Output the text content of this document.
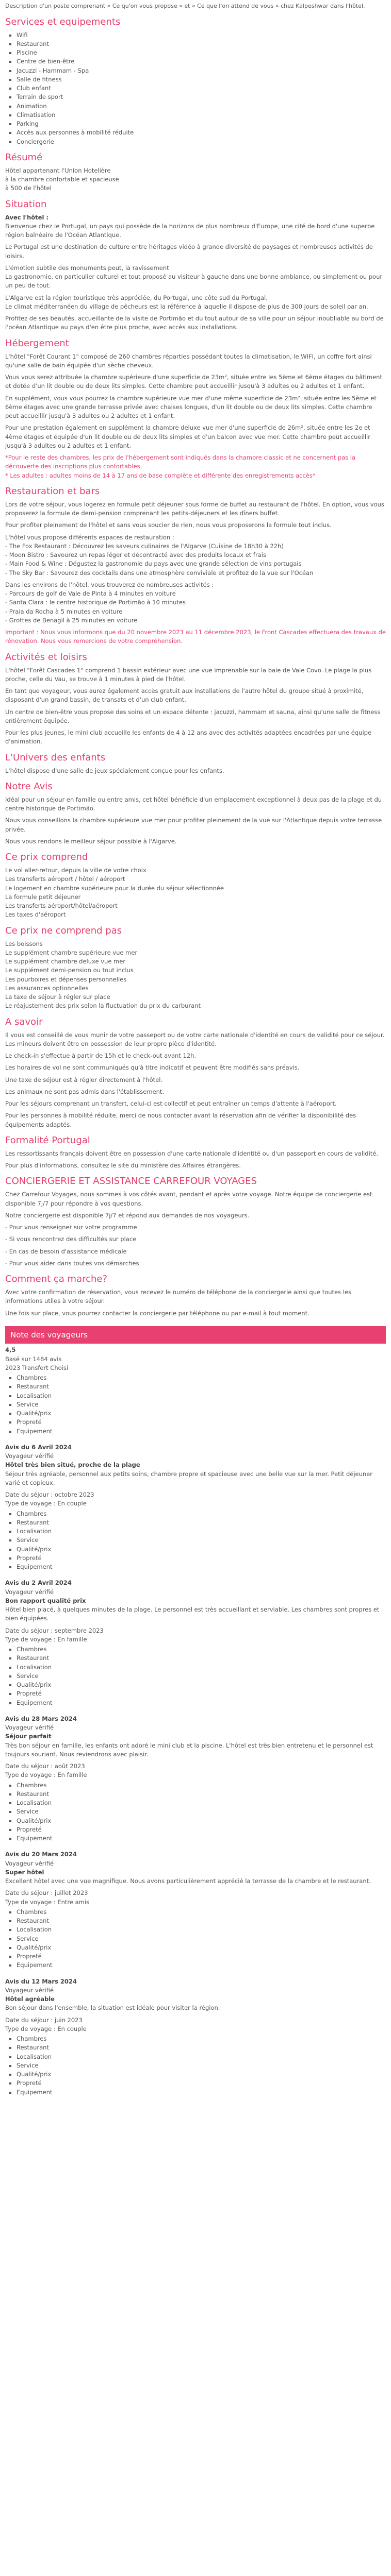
Description d'un poste comprenant « Ce qu'on vous propose » et « Ce que l'on attend de vous » chez Kalpeshwar dans l'hôtel.

Services et equipements
▪ Wifi
▪ Restaurant
▪ Piscine
▪ Centre de bien-être
▪ Jacuzzi - Hammam - Spa
▪ Salle de fitness
▪ Club enfant
▪ Terrain de sport
▪ Animation
▪ Climatisation
▪ Parking
▪ Accès aux personnes à mobilité réduite
▪ Conciergerie
Résumé

Hôtel appartenant l'Union Hotelière

à la chambre confortable et spacieuse

à 500 de l'hôtel

Situation

Avec l'hôtel :

Bienvenue chez le Portugal, un pays qui possède de la horizons de plus nombreux d'Europe, une cité de bord d'une superbe région balnéaire de l'Océan Atlantique.

Le Portugal est une destination de culture entre héritages vidéo à grande diversité de paysages et nombreuses activités de loisirs.

L'émotion subtile des monuments peut, la ravissement

La gastronomie, en particulier culturel et tout proposé au visiteur à gauche dans une bonne ambiance, ou simplement ou pour un peu de tout.

L'Algarve est la région touristique très appréciée, du Portugal, une côte sud du Portugal.

Le climat méditerranéen du village de pêcheurs est la référence à laquelle il dispose de plus de 300 jours de soleil par an.

Profitez de ses beautés, accueillante de la visite de Portimão et du tout autour de sa ville pour un séjour inoubliable au bord de l'océan Atlantique au pays d'en être plus proche, avec accès aux installations.

Hébergement

L'hôtel "Forêt Courant 1" composé de 260 chambres réparties possédant toutes la climatisation, le WIFI, un coffre fort ainsi qu'une salle de bain équipée d'un sèche cheveux.

Vous vous serez attribuée la chambre supérieure d'une superficie de 23m², située entre les 5ème et 6ème étages du bâtiment et dotée d'un lit double ou de deux lits simples. Cette chambre peut accueillir jusqu'à 3 adultes ou 2 adultes et 1 enfant.

En supplément, vous vous pourrez la chambre supérieure vue mer d'une même superficie de 23m², située entre les 5ème et 6ème étages avec une grande terrasse privée avec chaises longues, d'un lit double ou de deux lits simples. Cette chambre peut accueillir jusqu'à 3 adultes ou 2 adultes et 1 enfant.

Pour une prestation également en supplément la chambre deluxe vue mer d'une superficie de 26m², située entre les 2e et 4ème étages et équipée d'un lit double ou de deux lits simples et d'un balcon avec vue mer. Cette chambre peut accueillir jusqu'à 3 adultes ou 2 adultes et 1 enfant.

*Pour le reste des chambres, les prix de l'hébergement sont indiqués dans la chambre classic et ne concernent pas la découverte des inscriptions plus confortables.

* Les adultes : adultes moins de 14 à 17 ans de base complète et différente des enregistrements accès*

Restauration et bars

Lors de votre séjour, vous logerez en formule petit déjeuner sous forme de buffet au restaurant de l'hôtel. En option, vous vous proposerez la formule de demi-pension comprenant les petits-déjeuners et les dîners buffet.

Pour profiter pleinement de l'hôtel et sans vous soucier de rien, nous vous proposerons la formule tout inclus.

L'hôtel vous propose différents espaces de restauration :

- The Fox Restaurant : Découvrez les saveurs culinaires de l'Algarve (Cuisine de 18h30 à 22h)

- Moon Bistro : Savourez un repas léger et décontracté avec des produits locaux et frais

- Main Food & Wine : Dégustez la gastronomie du pays avec une grande sélection de vins portugais

- The Sky Bar : Savourez des cocktails dans une atmosphère conviviale et profitez de la vue sur l'Océan

Dans les environs de l'hôtel, vous trouverez de nombreuses activités :

- Parcours de golf de Vale de Pinta à 4 minutes en voiture

- Santa Clara : le centre historique de Portimão à 10 minutes

- Praia da Rocha à 5 minutes en voiture

- Grottes de Benagil à 25 minutes en voiture

Important : Nous vous informons que du 20 novembre 2023 au 11 décembre 2023, le Front Cascades effectuera des travaux de rénovation. Nous vous remercions de votre compréhension.

Activités et loisirs

L'hôtel "Forêt Cascades 1" comprend 1 bassin extérieur avec une vue imprenable sur la baie de Vale Covo. Le plage la plus proche, celle du Vau, se trouve à 1 minutes à pied de l'hôtel.

En tant que voyageur, vous aurez également accès gratuit aux installations de l'autre hôtel du groupe situé à proximité, disposant d'un grand bassin, de transats et d'un club enfant.

Un centre de bien-être vous propose des soins et un espace détente : jacuzzi, hammam et sauna, ainsi qu'une salle de fitness entièrement équipée.

Pour les plus jeunes, le mini club accueille les enfants de 4 à 12 ans avec des activités adaptées encadrées par une équipe d'animation.

L'Univers des enfants

L'hôtel dispose d'une salle de jeux spécialement conçue pour les enfants.

Notre Avis

Idéal pour un séjour en famille ou entre amis, cet hôtel bénéficie d'un emplacement exceptionnel à deux pas de la plage et du centre historique de Portimão.

Nous vous conseillons la chambre supérieure vue mer pour profiter pleinement de la vue sur l'Atlantique depuis votre terrasse privée.

Nous vous rendons le meilleur séjour possible à l'Algarve.

Ce prix comprend

Le vol aller-retour, depuis la ville de votre choix

Les transferts aéroport / hôtel / aéroport

Le logement en chambre supérieure pour la durée du séjour sélectionnée

La formule petit déjeuner

Les transferts aéroport/hôtel/aéroport

Les taxes d'aéroport

Ce prix ne comprend pas

Les boissons

Le supplément chambre supérieure vue mer

Le supplément chambre deluxe vue mer

Le supplément demi-pension ou tout inclus

Les pourboires et dépenses personnelles

Les assurances optionnelles

La taxe de séjour à régler sur place

Le réajustement des prix selon la fluctuation du prix du carburant

A savoir

Il vous est conseillé de vous munir de votre passeport ou de votre carte nationale d'identité en cours de validité pour ce séjour. Les mineurs doivent être en possession de leur propre pièce d'identité.

Le check-in s'effectue à partir de 15h et le check-out avant 12h.

Les horaires de vol ne sont communiqués qu'à titre indicatif et peuvent être modifiés sans préavis.

Une taxe de séjour est à régler directement à l'hôtel.

Les animaux ne sont pas admis dans l'établissement.

Pour les séjours comprenant un transfert, celui-ci est collectif et peut entraîner un temps d'attente à l'aéroport.

Pour les personnes à mobilité réduite, merci de nous contacter avant la réservation afin de vérifier la disponibilité des équipements adaptés.

Formalité Portugal

Les ressortissants français doivent être en possession d'une carte nationale d'identité ou d'un passeport en cours de validité.

Pour plus d'informations, consultez le site du ministère des Affaires étrangères.

CONCIERGERIE ET ASSISTANCE CARREFOUR VOYAGES

Chez Carrefour Voyages, nous sommes à vos côtés avant, pendant et après votre voyage. Notre équipe de conciergerie est disponible 7j/7 pour répondre à vos questions.

Notre conciergerie est disponible 7j/7 et répond aux demandes de nos voyageurs.

- Pour vous renseigner sur votre programme

- Si vous rencontrez des difficultés sur place

- En cas de besoin d'assistance médicale

- Pour vous aider dans toutes vos démarches

Comment ça marche?

Avec votre confirmation de réservation, vous recevez le numéro de téléphone de la conciergerie ainsi que toutes les informations utiles à votre séjour.

Une fois sur place, vous pourrez contacter la conciergerie par téléphone ou par e-mail à tout moment.

Note des voyageurs

4,5

Basé sur 1484 avis

2023 Transfert Choisi

▪ Chambres
▪ Restaurant
▪ Localisation
▪ Service
▪ Qualité/prix
▪ Propreté
▪ Equipement

Avis du 6 Avril 2024

Voyageur vérifié

Hôtel très bien situé, proche de la plage

Séjour très agréable, personnel aux petits soins, chambre propre et spacieuse avec une belle vue sur la mer. Petit déjeuner varié et copieux.

Date du séjour : octobre 2023

Type de voyage : En couple

▪ Chambres
▪ Restaurant
▪ Localisation
▪ Service
▪ Qualité/prix
▪ Propreté
▪ Equipement

Avis du 2 Avril 2024

Voyageur vérifié

Bon rapport qualité prix

Hôtel bien placé, à quelques minutes de la plage. Le personnel est très accueillant et serviable. Les chambres sont propres et bien équipées.

Date du séjour : septembre 2023

Type de voyage : En famille

▪ Chambres
▪ Restaurant
▪ Localisation
▪ Service
▪ Qualité/prix
▪ Propreté
▪ Equipement

Avis du 28 Mars 2024

Voyageur vérifié

Séjour parfait

Très bon séjour en famille, les enfants ont adoré le mini club et la piscine. L'hôtel est très bien entretenu et le personnel est toujours souriant. Nous reviendrons avec plaisir.

Date du séjour : août 2023

Type de voyage : En famille

▪ Chambres
▪ Restaurant
▪ Localisation
▪ Service
▪ Qualité/prix
▪ Propreté
▪ Equipement

Avis du 20 Mars 2024

Voyageur vérifié

Super hôtel

Excellent hôtel avec une vue magnifique. Nous avons particulièrement apprécié la terrasse de la chambre et le restaurant.

Date du séjour : juillet 2023

Type de voyage : Entre amis

▪ Chambres
▪ Restaurant
▪ Localisation
▪ Service
▪ Qualité/prix
▪ Propreté
▪ Equipement

Avis du 12 Mars 2024

Voyageur vérifié

Hôtel agréable

Bon séjour dans l'ensemble, la situation est idéale pour visiter la région.

Date du séjour : juin 2023

Type de voyage : En couple

▪ Chambres
▪ Restaurant
▪ Localisation
▪ Service
▪ Qualité/prix
▪ Propreté
▪ Equipement
